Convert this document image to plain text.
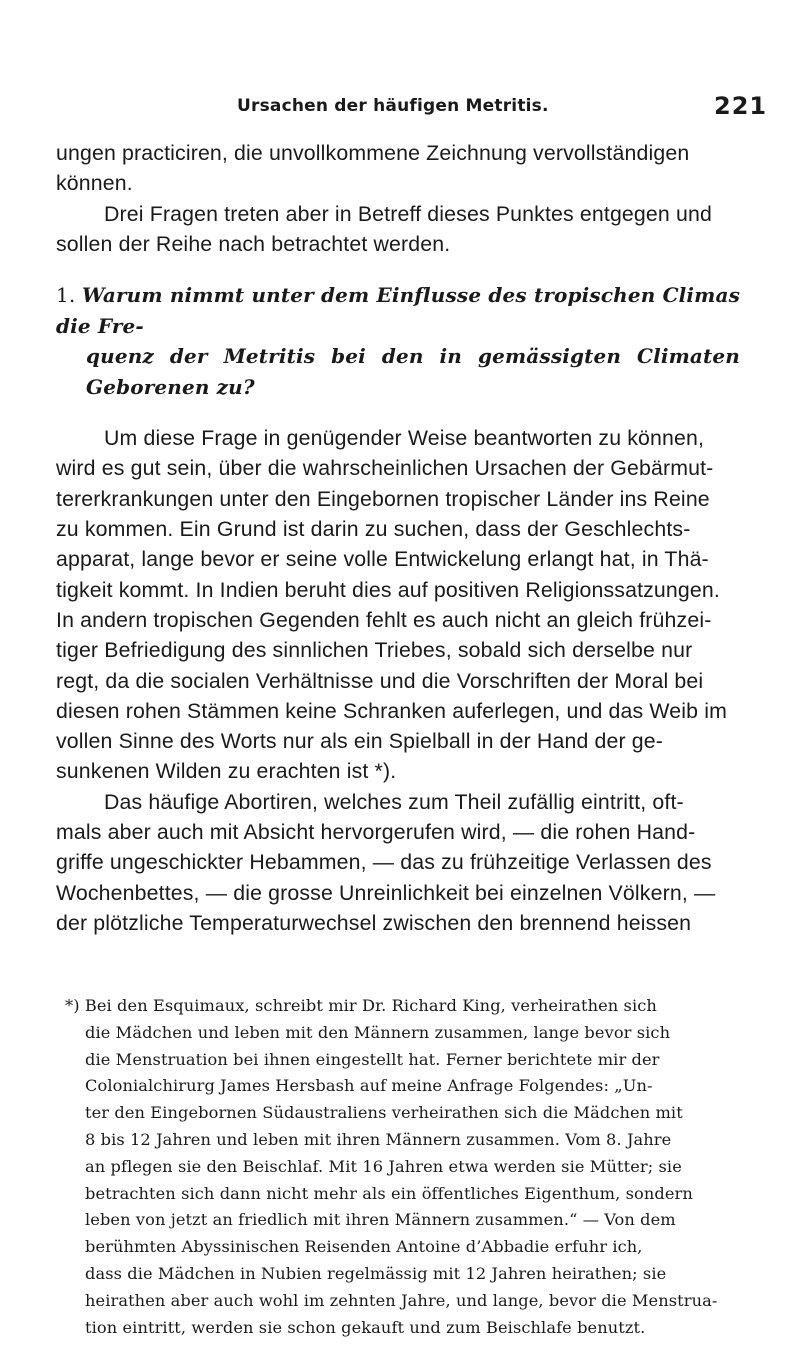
Ursachen der häufigen Metritis.	221

ungen practiciren, die unvollkommene Zeichnung vervollständigen

können.

Drei Fragen treten aber in Betreff dieses Punktes entgegen und

sollen der Reihe nach betrachtet werden.

1. Warum nimmt unter dem Einflusse des tropischen Climas die Fre-

quenz der Metritis bei den in gemässigten Climaten Geborenen zu?

Um diese Frage in genügender Weise beantworten zu können,

wird es gut sein, über die wahrscheinlichen Ursachen der Gebärmut-

tererkrankungen unter den Eingebornen tropischer Länder ins Reine

zu kommen. Ein Grund ist darin zu suchen, dass der Geschlechts-

apparat, lange bevor er seine volle Entwickelung erlangt hat, in Thä-

tigkeit kommt. In Indien beruht dies auf positiven Religionssatzungen.

In andern tropischen Gegenden fehlt es auch nicht an gleich frühzei-

tiger Befriedigung des sinnlichen Triebes, sobald sich derselbe nur

regt, da die socialen Verhältnisse und die Vorschriften der Moral bei

diesen rohen Stämmen keine Schranken auferlegen, und das Weib im

vollen Sinne des Worts nur als ein Spielball in der Hand der ge-

sunkenen Wilden zu erachten ist *).

Das häufige Abortiren, welches zum Theil zufällig eintritt, oft-

mals aber auch mit Absicht hervorgerufen wird, — die rohen Hand-

griffe ungeschickter Hebammen, — das zu frühzeitige Verlassen des

Wochenbettes, — die grosse Unreinlichkeit bei einzelnen Völkern, —

der plötzliche Temperaturwechsel zwischen den brennend heissen

*) Bei den Esquimaux, schreibt mir Dr. Richard King, verheirathen sich

die Mädchen und leben mit den Männern zusammen, lange bevor sich

die Menstruation bei ihnen eingestellt hat. Ferner berichtete mir der

Colonialchirurg James Hersbash auf meine Anfrage Folgendes: „Un-

ter den Eingebornen Südaustraliens verheirathen sich die Mädchen mit

8 bis 12 Jahren und leben mit ihren Männern zusammen. Vom 8. Jahre

an pflegen sie den Beischlaf. Mit 16 Jahren etwa werden sie Mütter; sie

betrachten sich dann nicht mehr als ein öffentliches Eigenthum, sondern

leben von jetzt an friedlich mit ihren Männern zusammen.“ — Von dem

berühmten Abyssinischen Reisenden Antoine d’Abbadie erfuhr ich,

dass die Mädchen in Nubien regelmässig mit 12 Jahren heirathen; sie

heirathen aber auch wohl im zehnten Jahre, und lange, bevor die Menstrua-

tion eintritt, werden sie schon gekauft und zum Beischlafe benutzt.
